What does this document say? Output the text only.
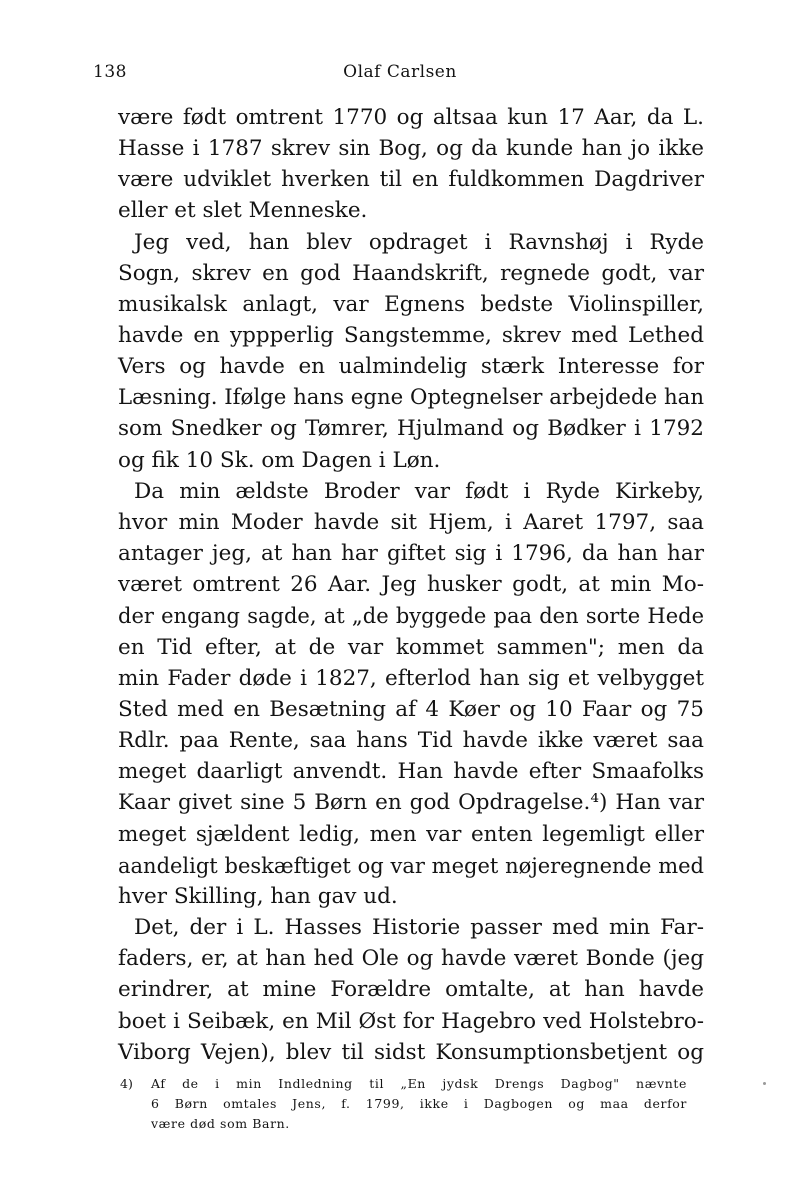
138	Olaf Carlsen
være født omtrent 1770 og altsaa kun 17 Aar, da L.
Hasse i 1787 skrev sin Bog, og da kunde han jo ikke
være udviklet hverken til en fuldkommen Dagdriver
eller et slet Menneske.
Jeg ved, han blev opdraget i Ravnshøj i Ryde
Sogn, skrev en god Haandskrift, regnede godt, var
musikalsk anlagt, var Egnens bedste Violinspiller,
havde en yppperlig Sangstemme, skrev med Lethed
Vers og havde en ualmindelig stærk Interesse for
Læsning. Ifølge hans egne Optegnelser arbejdede han
som Snedker og Tømrer, Hjulmand og Bødker i 1792
og fik 10 Sk. om Dagen i Løn.
Da min ældste Broder var født i Ryde Kirkeby,
hvor min Moder havde sit Hjem, i Aaret 1797, saa
antager jeg, at han har giftet sig i 1796, da han har
været omtrent 26 Aar. Jeg husker godt, at min Mo-
der engang sagde, at „de byggede paa den sorte Hede
en Tid efter, at de var kommet sammen"; men da
min Fader døde i 1827, efterlod han sig et velbygget
Sted med en Besætning af 4 Køer og 10 Faar og 75
Rdlr. paa Rente, saa hans Tid havde ikke været saa
meget daarligt anvendt. Han havde efter Smaafolks
Kaar givet sine 5 Børn en god Opdragelse.⁴) Han var
meget sjældent ledig, men var enten legemligt eller
aandeligt beskæftiget og var meget nøjeregnende med
hver Skilling, han gav ud.
Det, der i L. Hasses Historie passer med min Far-
faders, er, at han hed Ole og havde været Bonde (jeg
erindrer, at mine Forældre omtalte, at han havde
boet i Seibæk, en Mil Øst for Hagebro ved Holstebro-
Viborg Vejen), blev til sidst Konsumptionsbetjent og
4) Af de i min Indledning til „En jydsk Drengs Dagbog" nævnte
6 Børn omtales Jens, f. 1799, ikke i Dagbogen og maa derfor
være død som Barn.
